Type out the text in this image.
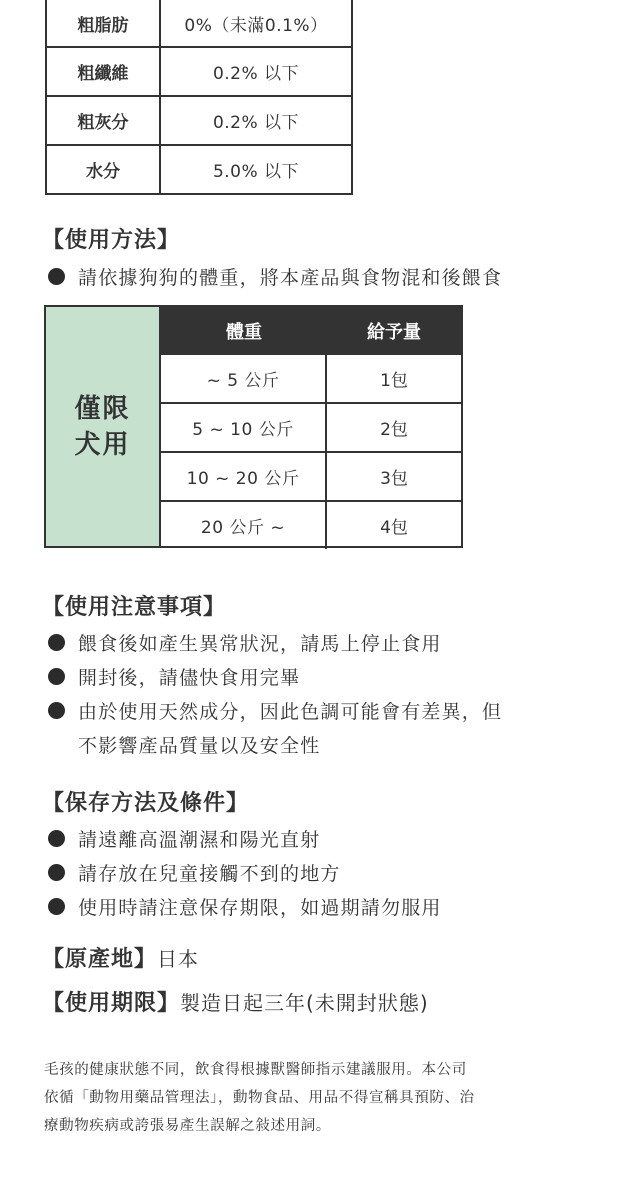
粗脂肪	0%（未滿0.1%）
粗纖維	0.2% 以下
粗灰分	0.2% 以下
水分	5.0% 以下
【使用方法】
請依據狗狗的體重，將本產品與食物混和後餵食
僅限
犬用
體重	給予量
~ 5 公斤	1包
5 ~ 10 公斤	2包
10 ~ 20 公斤	3包
20 公斤 ~	4包
【使用注意事項】
餵食後如產生異常狀況，請馬上停止食用
開封後，請儘快食用完畢
由於使用天然成分，因此色調可能會有差異，但
不影響產品質量以及安全性
【保存方法及條件】
請遠離高溫潮濕和陽光直射
請存放在兒童接觸不到的地方
使用時請注意保存期限，如過期請勿服用
【原產地】日本
【使用期限】製造日起三年(未開封狀態)
毛孩的健康狀態不同，飲食得根據獸醫師指示建議服用。本公司
依循「動物用藥品管理法」，動物食品、用品不得宣稱具預防、治
療動物疾病或誇張易產生誤解之敍述用詞。
